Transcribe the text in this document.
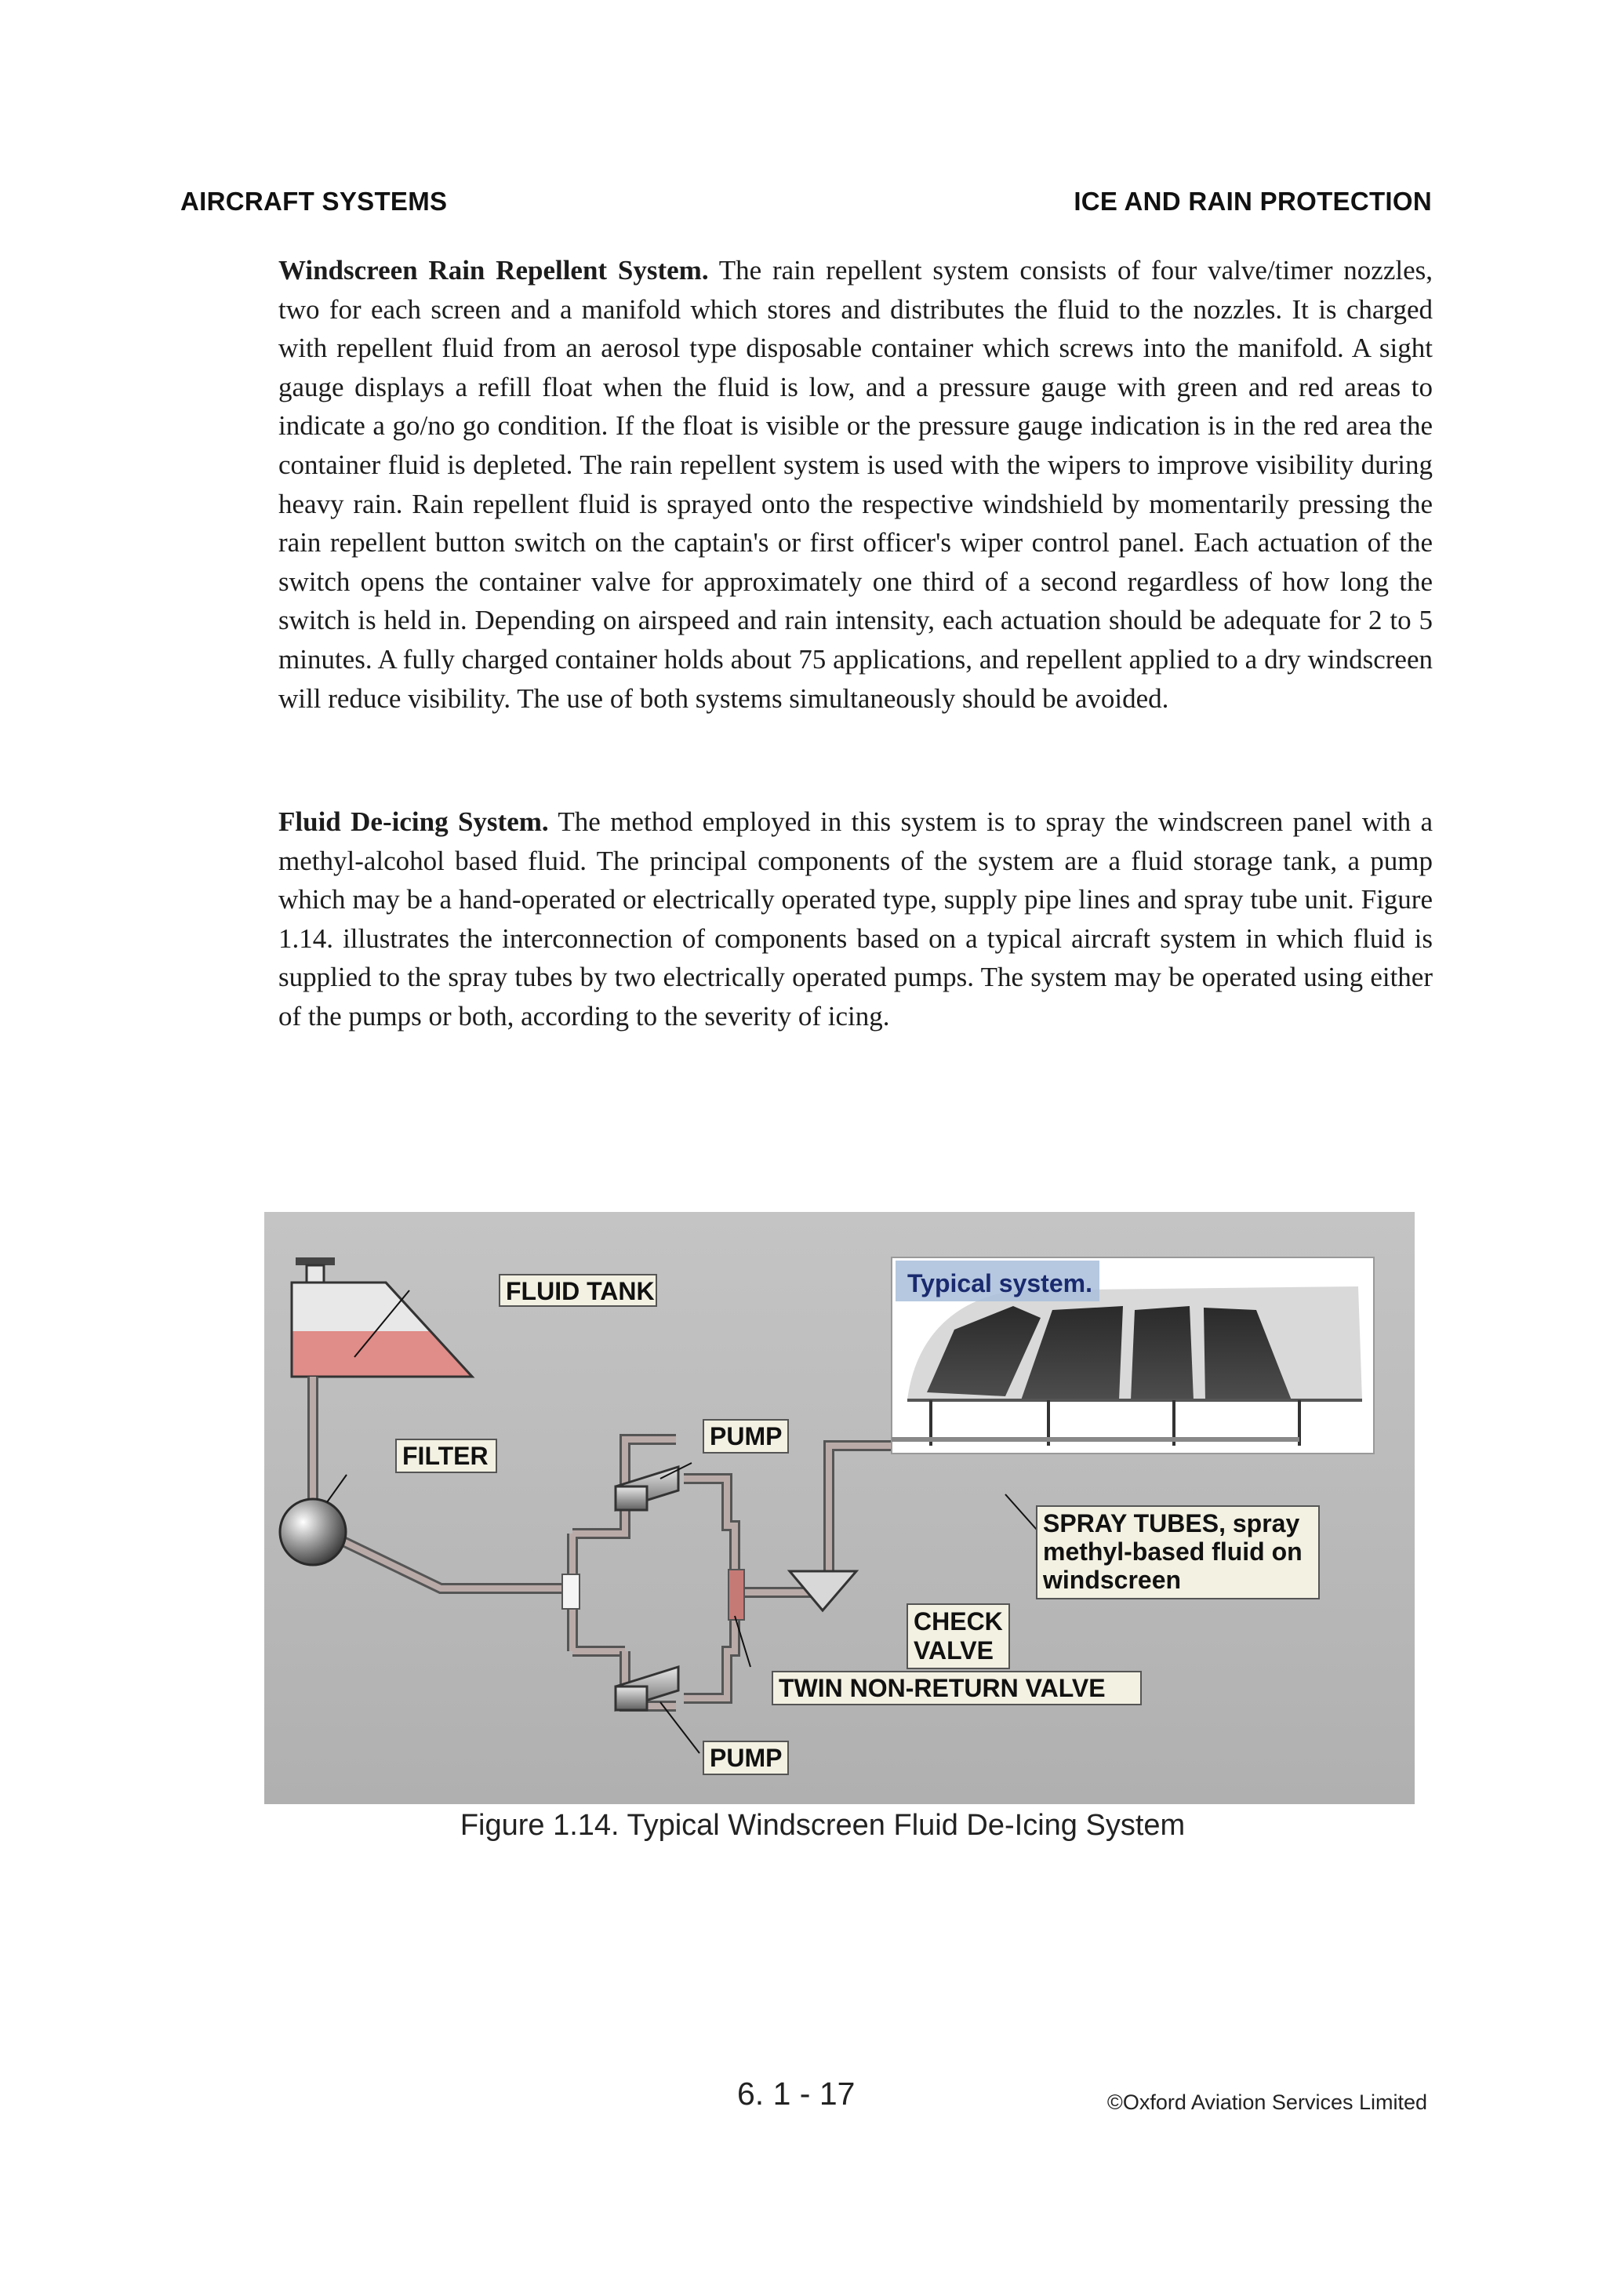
AIRCRAFT SYSTEMS	ICE AND RAIN PROTECTION

Windscreen Rain Repellent System. The rain repellent system consists of four valve/timer nozzles, two for each screen and a manifold which stores and distributes the fluid to the nozzles. It is charged with repellent fluid from an aerosol type disposable container which screws into the manifold. A sight gauge displays a refill float when the fluid is low, and a pressure gauge with green and red areas to indicate a go/no go condition. If the float is visible or the pressure gauge indication is in the red area the container fluid is depleted. The rain repellent system is used with the wipers to improve visibility during heavy rain. Rain repellent fluid is sprayed onto the respective windshield by momentarily pressing the rain repellent button switch on the captain's or first officer's wiper control panel. Each actuation of the switch opens the container valve for approximately one third of a second regardless of how long the switch is held in. Depending on airspeed and rain intensity, each actuation should be adequate for 2 to 5 minutes. A fully charged container holds about 75 applications, and repellent applied to a dry windscreen will reduce visibility. The use of both systems simultaneously should be avoided.

Fluid De-icing System. The method employed in this system is to spray the windscreen panel with a methyl-alcohol based fluid. The principal components of the system are a fluid storage tank, a pump which may be a hand-operated or electrically operated type, supply pipe lines and spray tube unit. Figure 1.14. illustrates the interconnection of components based on a typical aircraft system in which fluid is supplied to the spray tubes by two electrically operated pumps. The system may be operated using either of the pumps or both, according to the severity of icing.

Typical system.
FLUID TANK
FILTER
PUMP
PUMP
SPRAY TUBES, spray
methyl-based fluid on
windscreen
CHECK
VALVE
TWIN NON-RETURN VALVE
Figure 1.14. Typical Windscreen Fluid De-Icing System
6. 1 - 17	©Oxford Aviation Services Limited
